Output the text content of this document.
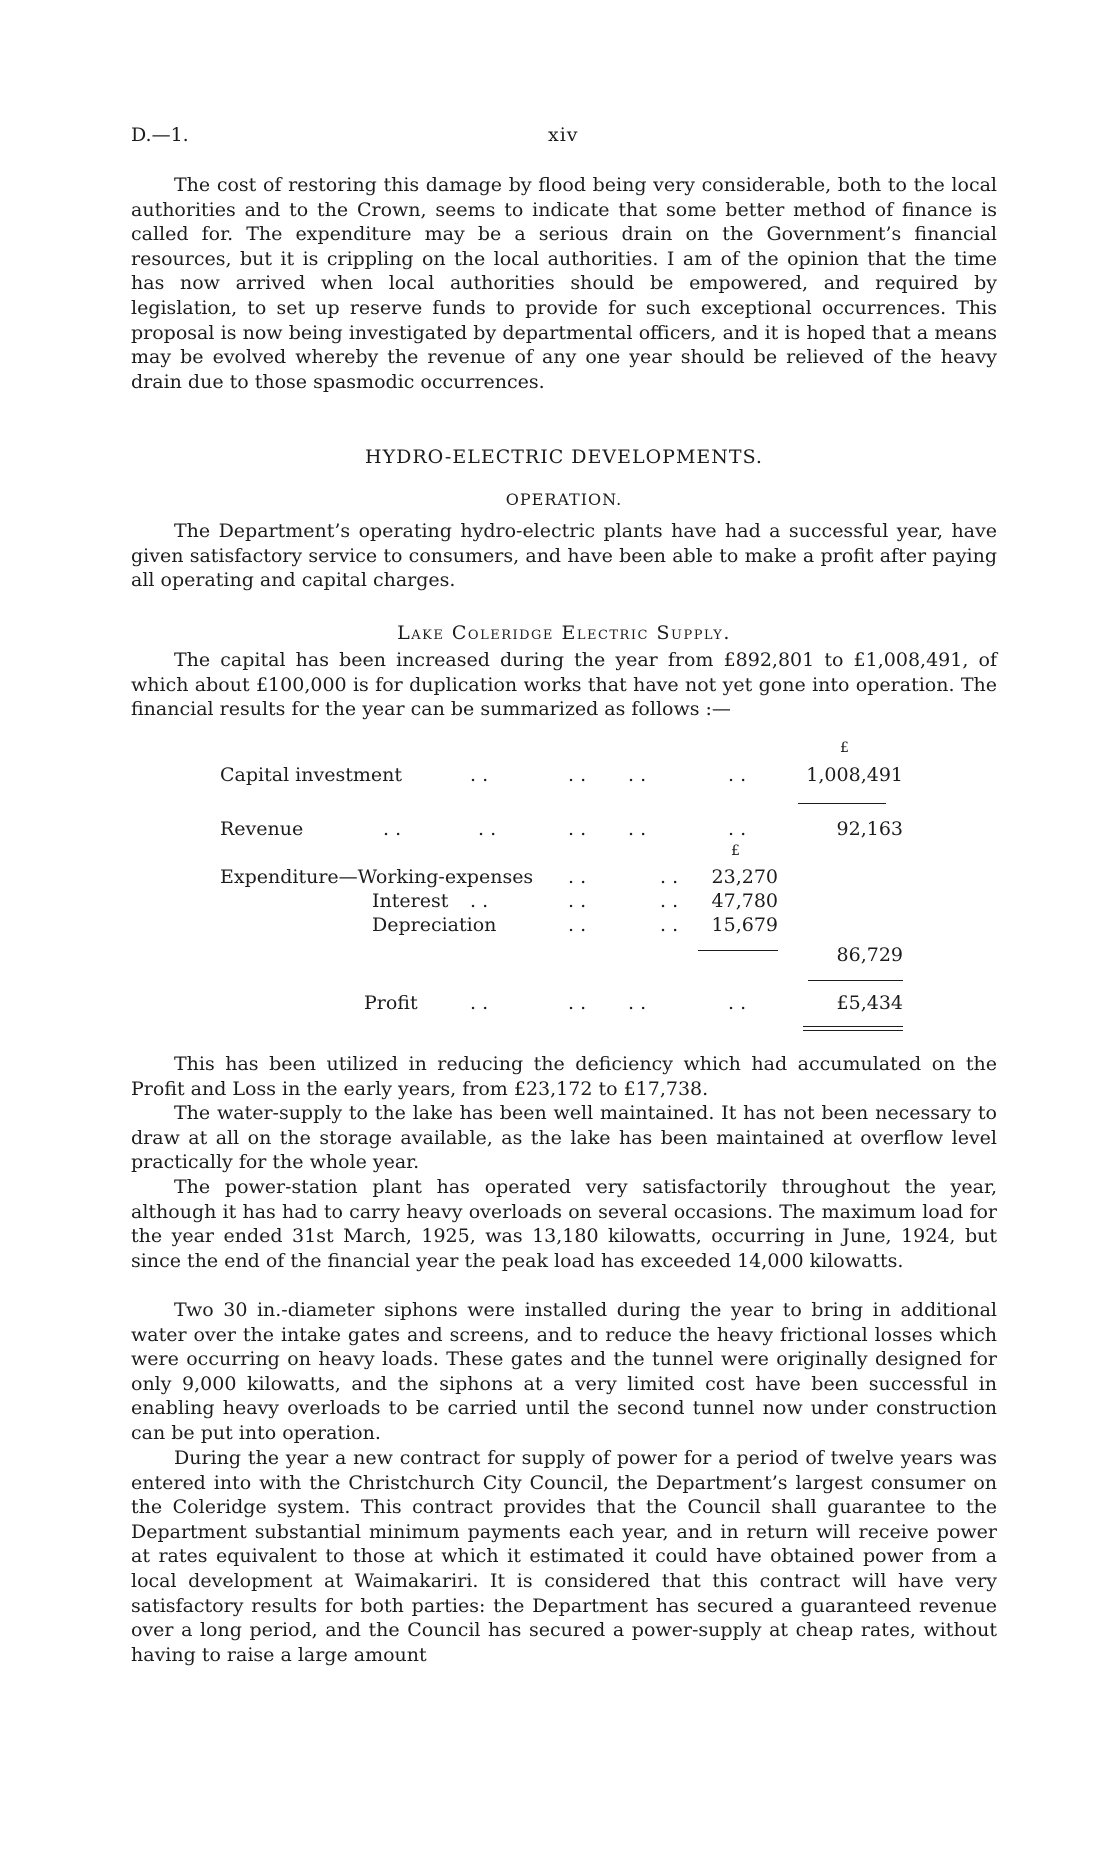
D.—1.	xiv

The cost of restoring this damage by flood being very considerable, both to the local authorities and to the Crown, seems to indicate that some better method of finance is called for. The expenditure may be a serious drain on the Government’s financial resources, but it is crippling on the local authorities. I am of the opinion that the time has now arrived when local authorities should be empowered, and required by legislation, to set up reserve funds to provide for such exceptional occurrences. This proposal is now being investigated by departmental officers, and it is hoped that a means may be evolved whereby the revenue of any one year should be relieved of the heavy drain due to those spasmodic occurrences.

HYDRO-ELECTRIC DEVELOPMENTS.
OPERATION.

The Department’s operating hydro-electric plants have had a successful year, have given satisfactory service to consumers, and have been able to make a profit after paying all operating and capital charges.

Lake Coleridge Electric Supply.

The capital has been increased during the year from £892,801 to £1,008,491, of which about £100,000 is for duplication works that have not yet gone into operation. The financial results for the year can be summarized as follows :—

£
Capital investment	. .	. . . .	. .	1,008,491
Revenue	. .	. .	. . . .	. .	92,163
£
Expenditure—Working-expenses . .	. .	23,270
Interest . .	. .	. .	47,780
Depreciation	. .	. .	15,679
86,729
Profit	. .	. . . .	. .	£5,434

This has been utilized in reducing the deficiency which had accumulated on the Profit and Loss in the early years, from £23,172 to £17,738.

The water-supply to the lake has been well maintained. It has not been necessary to draw at all on the storage available, as the lake has been maintained at overflow level practically for the whole year.

The power-station plant has operated very satisfactorily throughout the year, although it has had to carry heavy overloads on several occasions. The maximum load for the year ended 31st March, 1925, was 13,180 kilowatts, occurring in June, 1924, but since the end of the financial year the peak load has exceeded 14,000 kilowatts.

Two 30 in.-diameter siphons were installed during the year to bring in additional water over the intake gates and screens, and to reduce the heavy frictional losses which were occurring on heavy loads. These gates and the tunnel were originally designed for only 9,000 kilowatts, and the siphons at a very limited cost have been successful in enabling heavy overloads to be carried until the second tunnel now under construction can be put into operation.

During the year a new contract for supply of power for a period of twelve years was entered into with the Christchurch City Council, the Department’s largest consumer on the Coleridge system. This contract provides that the Council shall guarantee to the Department substantial minimum payments each year, and in return will receive power at rates equivalent to those at which it estimated it could have obtained power from a local development at Waimakariri. It is considered that this contract will have very satisfactory results for both parties: the Department has secured a guaranteed revenue over a long period, and the Council has secured a power-supply at cheap rates, without having to raise a large amount
